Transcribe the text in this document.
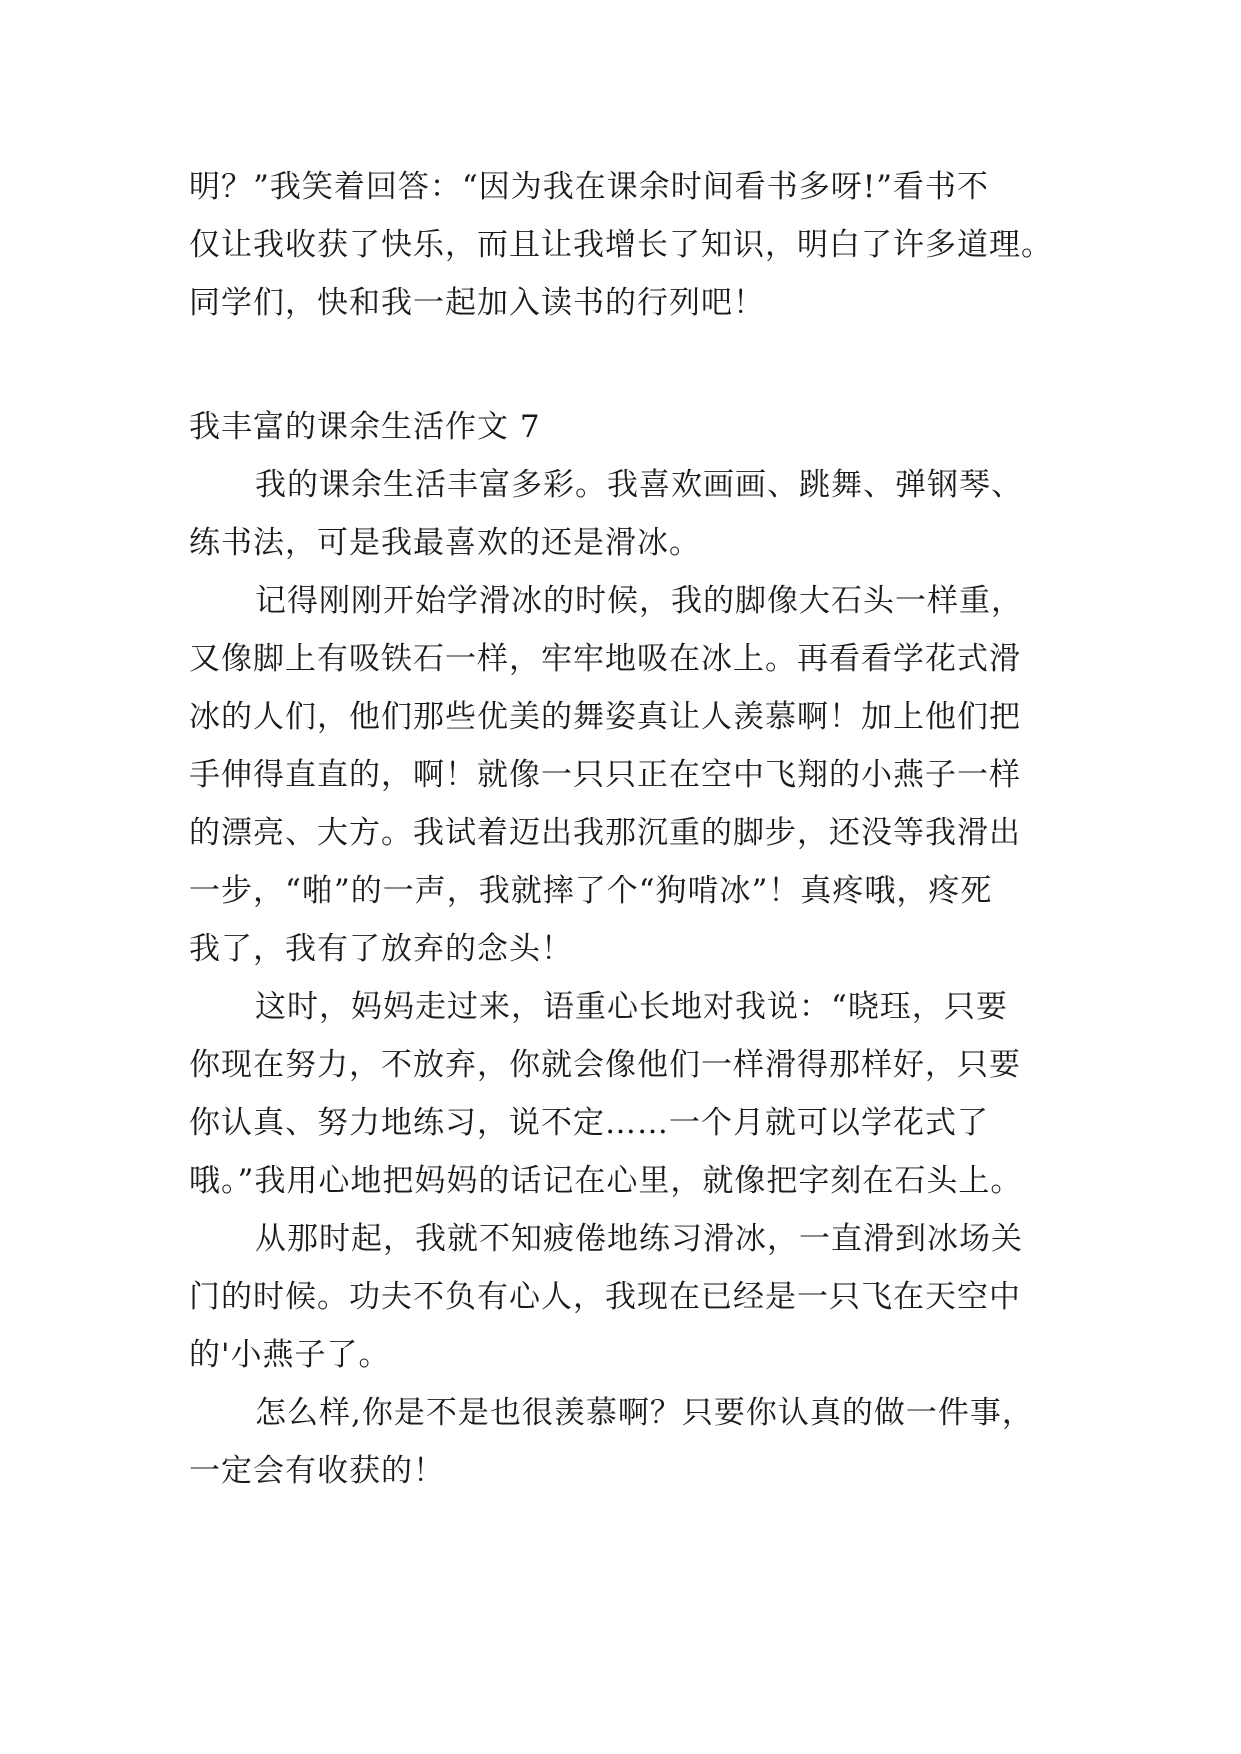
明？”我笑着回答：“因为我在课余时间看书多呀!”看书不
仅让我收获了快乐，而且让我增长了知识，明白了许多道理。
同学们，快和我一起加入读书的行列吧！
我丰富的课余生活作文 7
我的课余生活丰富多彩。我喜欢画画、跳舞、弹钢琴、
练书法，可是我最喜欢的还是滑冰。
记得刚刚开始学滑冰的时候，我的脚像大石头一样重，
又像脚上有吸铁石一样，牢牢地吸在冰上。再看看学花式滑
冰的人们，他们那些优美的舞姿真让人羡慕啊！加上他们把
手伸得直直的，啊！就像一只只正在空中飞翔的小燕子一样
的漂亮、大方。我试着迈出我那沉重的脚步，还没等我滑出
一步，“啪”的一声，我就摔了个“狗啃冰”！真疼哦，疼死
我了，我有了放弃的念头！
这时，妈妈走过来，语重心长地对我说：“晓珏，只要
你现在努力，不放弃，你就会像他们一样滑得那样好，只要
你认真、努力地练习，说不定……一个月就可以学花式了
哦。”我用心地把妈妈的话记在心里，就像把字刻在石头上。
从那时起，我就不知疲倦地练习滑冰，一直滑到冰场关
门的时候。功夫不负有心人，我现在已经是一只飞在天空中
的'小燕子了。
怎么样,你是不是也很羡慕啊？只要你认真的做一件事，
一定会有收获的！
